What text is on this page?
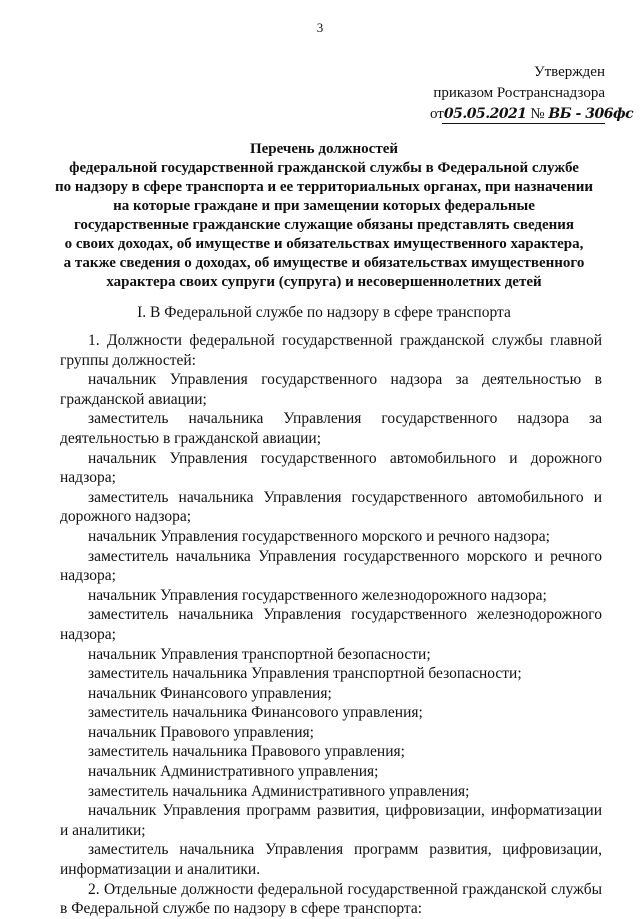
3
Утвержден
приказом Ространснадзора
от05.05.2021 № ВБ - 306фс
Перечень должностей
федеральной государственной гражданской службы в Федеральной службе
по надзору в сфере транспорта и ее территориальных органах, при назначении
на которые граждане и при замещении которых федеральные
государственные гражданские служащие обязаны представлять сведения
о своих доходах, об имуществе и обязательствах имущественного характера,
а также сведения о доходах, об имуществе и обязательствах имущественного
характера своих супруги (супруга) и несовершеннолетних детей
I. В Федеральной службе по надзору в сфере транспорта

1. Должности федеральной государственной гражданской службы главной группы должностей:

начальник Управления государственного надзора за деятельностью в гражданской авиации;

заместитель начальника Управления государственного надзора за деятельностью в гражданской авиации;

начальник Управления государственного автомобильного и дорожного надзора;

заместитель начальника Управления государственного автомобильного и дорожного надзора;

начальник Управления государственного морского и речного надзора;

заместитель начальника Управления государственного морского и речного надзора;

начальник Управления государственного железнодорожного надзора;

заместитель начальника Управления государственного железнодорожного надзора;

начальник Управления транспортной безопасности;

заместитель начальника Управления транспортной безопасности;

начальник Финансового управления;

заместитель начальника Финансового управления;

начальник Правового управления;

заместитель начальника Правового управления;

начальник Административного управления;

заместитель начальника Административного управления;

начальник Управления программ развития, цифровизации, информатизации и аналитики;

заместитель начальника Управления программ развития, цифровизации, информатизации и аналитики.

2. Отдельные должности федеральной государственной гражданской службы в Федеральной службе по надзору в сфере транспорта:
